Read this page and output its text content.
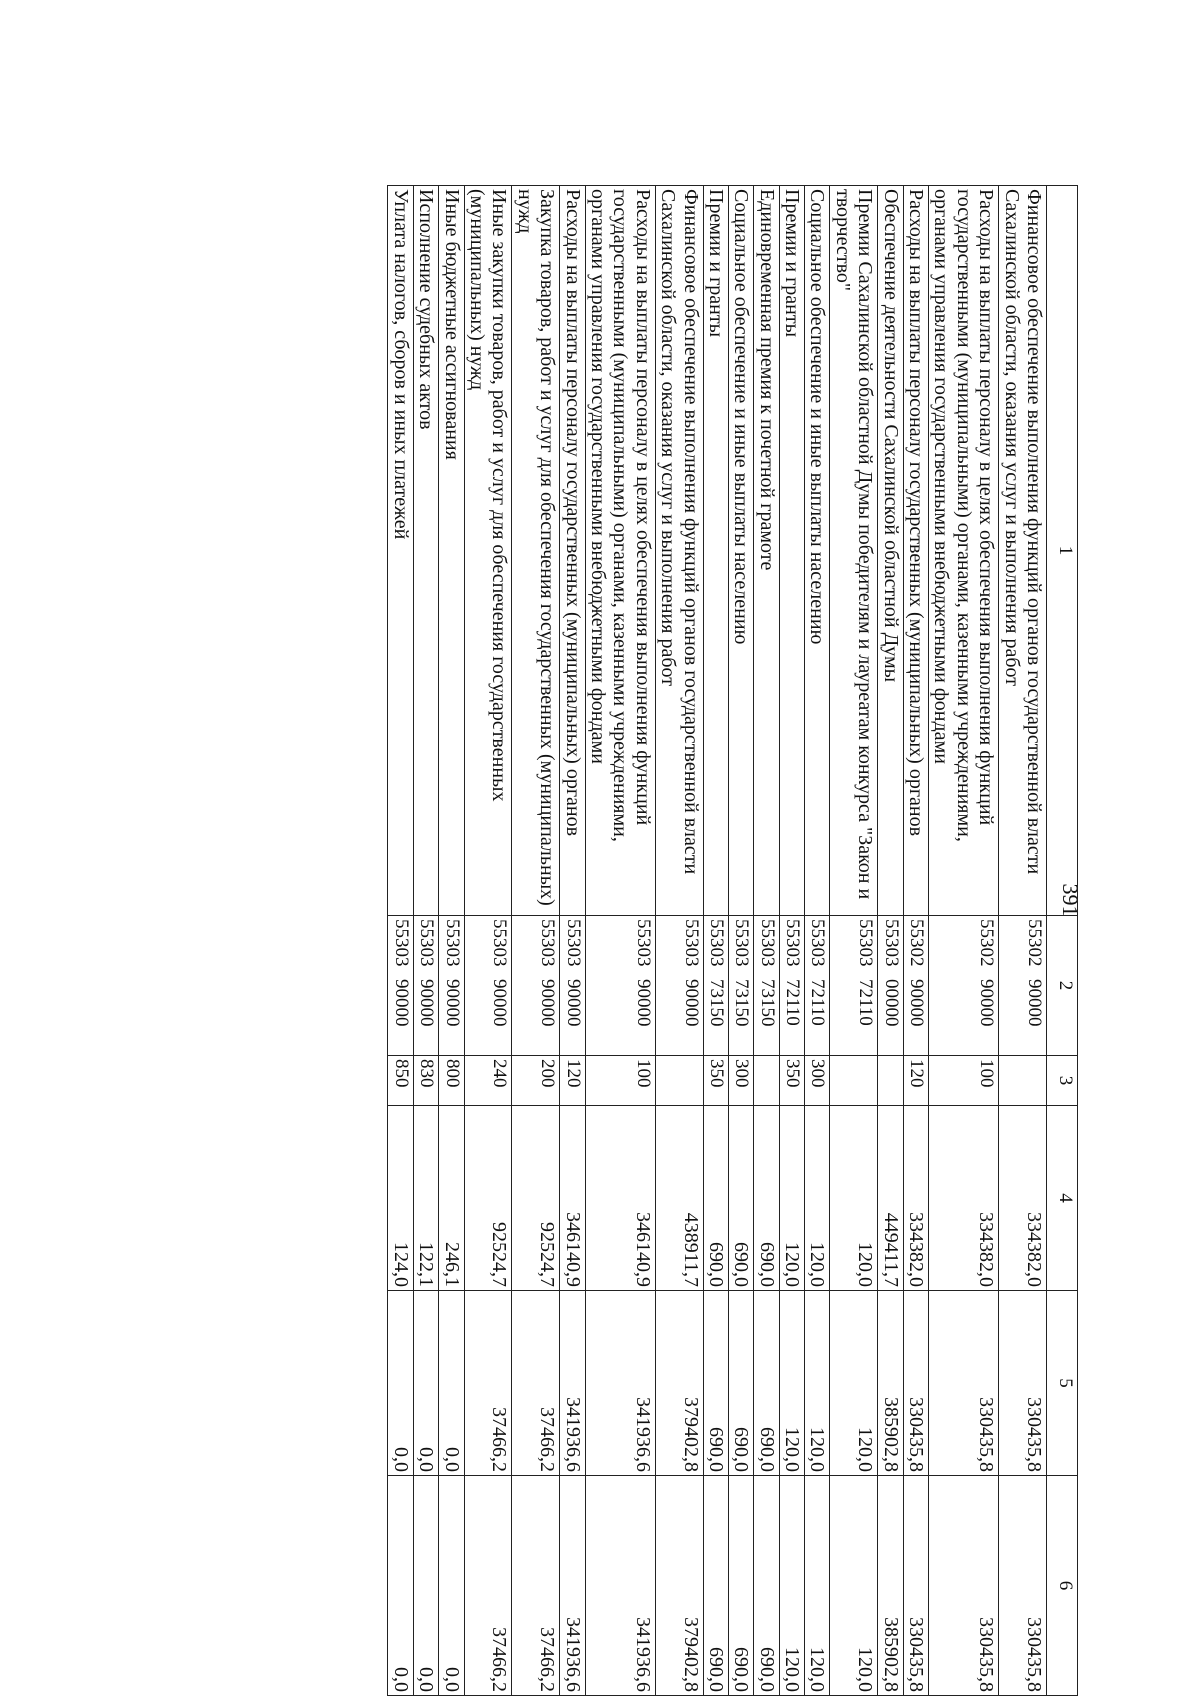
391
1	2	3	4	5	6
Финансовое обеспечение выполнения функций органов государственной власти Сахалинской области, оказания услуг и выполнения работ	5530290000		334382,0	330435,8	330435,8
Расходы на выплаты персоналу в целях обеспечения выполнения функций государственными (муниципальными) органами, казенными учреждениями, органами управления государственными внебюджетными фондами	5530290000	100	334382,0	330435,8	330435,8
Расходы на выплаты персоналу государственных (муниципальных) органов	5530290000	120	334382,0	330435,8	330435,8
Обеспечение деятельности Сахалинской областной Думы	5530300000		449411,7	385902,8	385902,8
Премии Сахалинской областной Думы победителям и лауреатам конкурса "Закон и творчество"	5530372110		120,0	120,0	120,0
Социальное обеспечение и иные выплаты населению	5530372110	300	120,0	120,0	120,0
Премии и гранты	5530372110	350	120,0	120,0	120,0
Единовременная премия к почетной грамоте	5530373150		690,0	690,0	690,0
Социальное обеспечение и иные выплаты населению	5530373150	300	690,0	690,0	690,0
Премии и гранты	5530373150	350	690,0	690,0	690,0
Финансовое обеспечение выполнения функций органов государственной власти Сахалинской области, оказания услуг и выполнения работ	5530390000		438911,7	379402,8	379402,8
Расходы на выплаты персоналу в целях обеспечения выполнения функций государственными (муниципальными) органами, казенными учреждениями, органами управления государственными внебюджетными фондами	5530390000	100	346140,9	341936,6	341936,6
Расходы на выплаты персоналу государственных (муниципальных) органов	5530390000	120	346140,9	341936,6	341936,6
Закупка товаров, работ и услуг для обеспечения государственных (муниципальных) нужд	5530390000	200	92524,7	37466,2	37466,2
Иные закупки товаров, работ и услуг для обеспечения государственных (муниципальных) нужд	5530390000	240	92524,7	37466,2	37466,2
Иные бюджетные ассигнования	5530390000	800	246,1	0,0	0,0
Исполнение судебных актов	5530390000	830	122,1	0,0	0,0
Уплата налогов, сборов и иных платежей	5530390000	850	124,0	0,0	0,0
